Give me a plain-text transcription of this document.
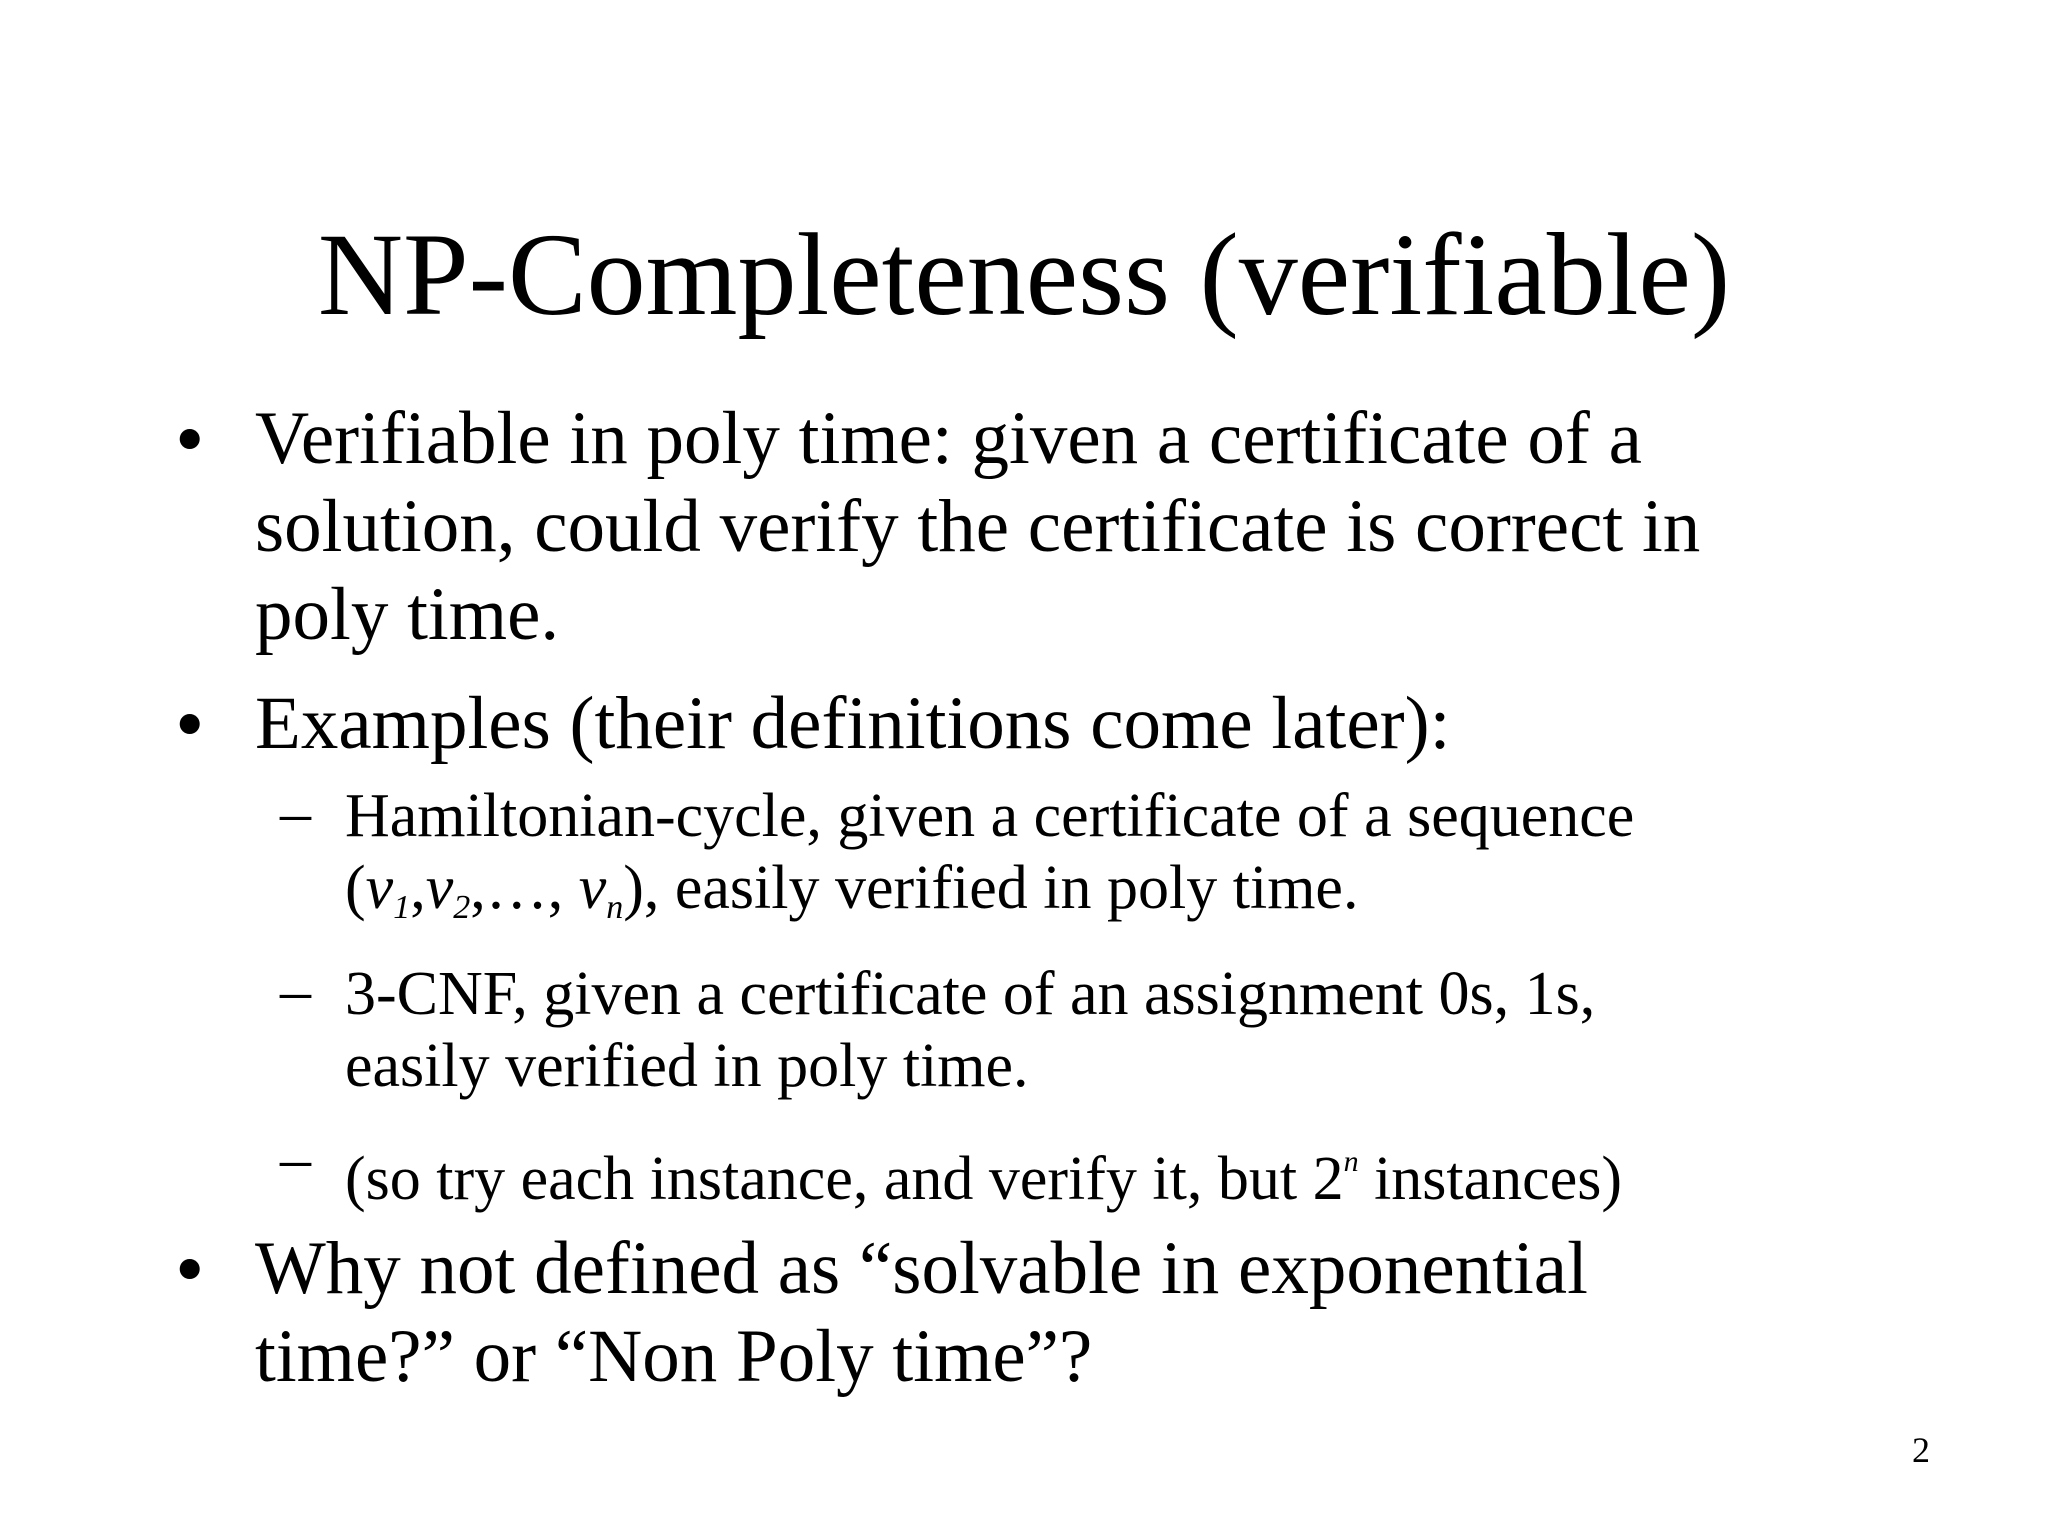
NP-Completeness (verifiable)
• Verifiable in poly time: given a certificate of a
solution, could verify the certificate is correct in
poly time.
• Examples (their definitions come later):
– Hamiltonian-cycle, given a certificate of a sequence
(v1,v2,…, vn), easily verified in poly time.
– 3-CNF, given a certificate of an assignment 0s, 1s,
easily verified in poly time.
– (so try each instance, and verify it, but 2$^n$ instances)
• Why not defined as “solvable in exponential
time?” or “Non Poly time”?
2
